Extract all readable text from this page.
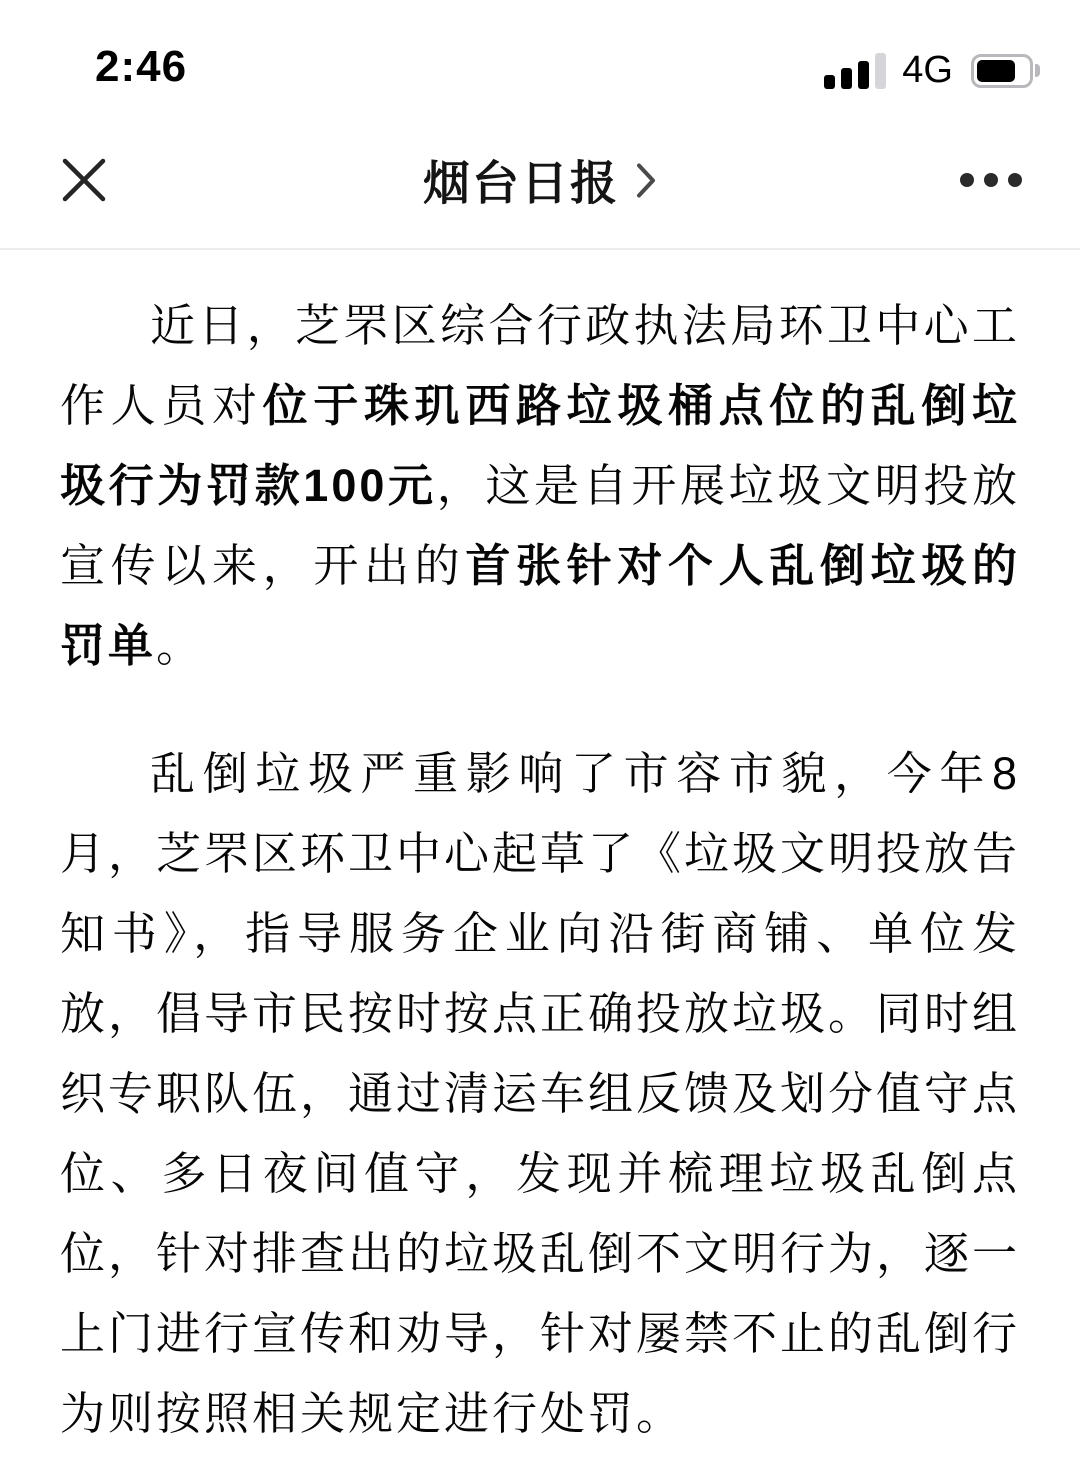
2:46	4G
烟台日报

近日，芝罘区综合行政执法局环卫中心工作人员对位于珠玑西路垃圾桶点位的乱倒垃圾行为罚款100元，这是自开展垃圾文明投放宣传以来，开出的首张针对个人乱倒垃圾的罚单。

乱倒垃圾严重影响了市容市貌，今年8月，芝罘区环卫中心起草了《垃圾文明投放告知书》，指导服务企业向沿街商铺、单位发放，倡导市民按时按点正确投放垃圾。同时组织专职队伍，通过清运车组反馈及划分值守点位、多日夜间值守，发现并梳理垃圾乱倒点位，针对排查出的垃圾乱倒不文明行为，逐一上门进行宣传和劝导，针对屡禁不止的乱倒行为则按照相关规定进行处罚。
